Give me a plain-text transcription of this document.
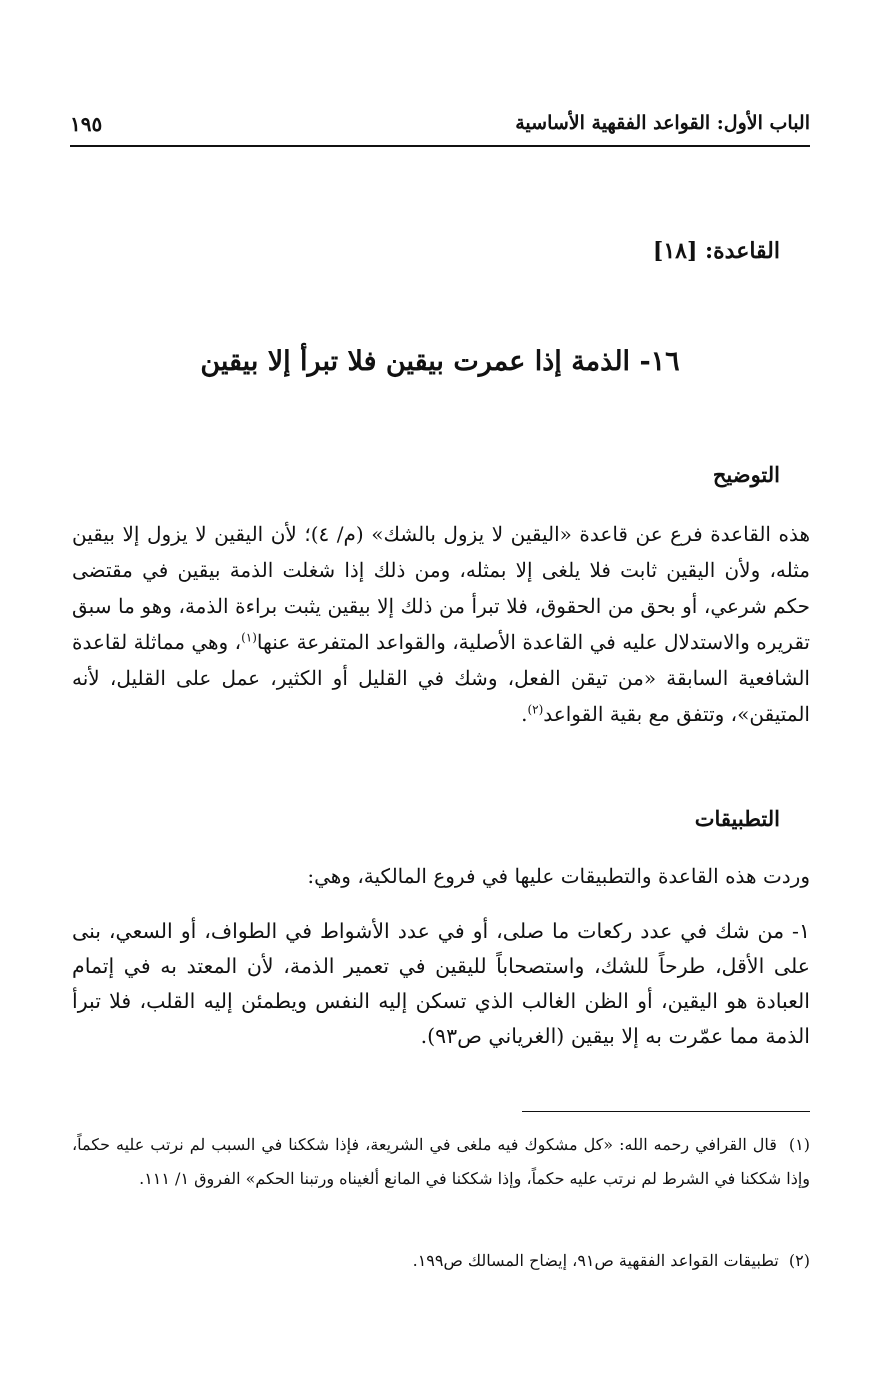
الباب الأول: القواعد الفقهية الأساسية
١٩٥
القاعدة: [١٨]
١٦- الذمة إذا عمرت بيقين فلا تبرأ إلا بيقين
التوضيح
هذه القاعدة فرع عن قاعدة «اليقين لا يزول بالشك» (م/ ٤)؛ لأن اليقين لا يزول إلا بيقين مثله، ولأن اليقين ثابت فلا يلغى إلا بمثله، ومن ذلك إذا شغلت الذمة بيقين في مقتضى حكم شرعي، أو بحق من الحقوق، فلا تبرأ من ذلك إلا بيقين يثبت براءة الذمة، وهو ما سبق تقريره والاستدلال عليه في القاعدة الأصلية، والقواعد المتفرعة عنها$^{(١)}$، وهي مماثلة لقاعدة الشافعية السابقة «من تيقن الفعل، وشك في القليل أو الكثير، عمل على القليل، لأنه المتيقن»، وتتفق مع بقية القواعد$^{(٢)}$.
التطبيقات
وردت هذه القاعدة والتطبيقات عليها في فروع المالكية، وهي:
١- من شك في عدد ركعات ما صلى، أو في عدد الأشواط في الطواف، أو السعي، بنى على الأقل، طرحاً للشك، واستصحاباً لليقين في تعمير الذمة، لأن المعتد به في إتمام العبادة هو اليقين، أو الظن الغالب الذي تسكن إليه النفس ويطمئن إليه القلب، فلا تبرأ الذمة مما عمّرت به إلا بيقين (الغرياني ص٩٣).
(١)  قال القرافي رحمه الله: «كل مشكوك فيه ملغى في الشريعة، فإذا شككنا في السبب لم نرتب عليه حكماً، وإذا شككنا في الشرط لم نرتب عليه حكماً، وإذا شككنا في المانع ألغيناه ورتبنا الحكم» الفروق ١/ ١١١.
(٢)  تطبيقات القواعد الفقهية ص٩١، إيضاح المسالك ص١٩٩.
